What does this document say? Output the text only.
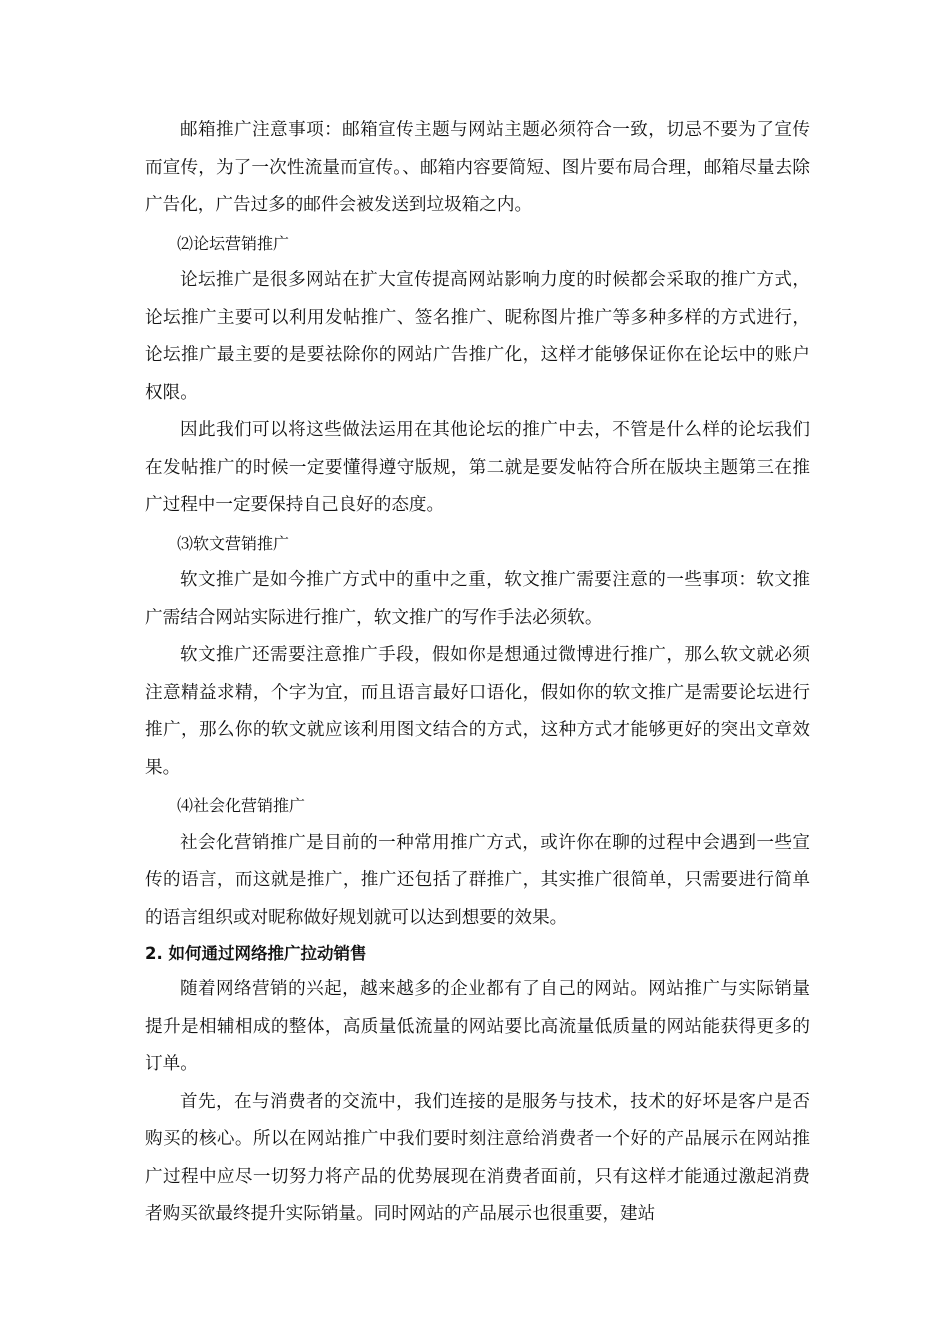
邮箱推广注意事项：邮箱宣传主题与网站主题必须符合一致，切忌不要为了宣传而宣传，为了一次性流量而宣传。、邮箱内容要简短、图片要布局合理，邮箱尽量去除广告化，广告过多的邮件会被发送到垃圾箱之内。

⑵论坛营销推广

论坛推广是很多网站在扩大宣传提高网站影响力度的时候都会采取的推广方式，论坛推广主要可以利用发帖推广、签名推广、昵称图片推广等多种多样的方式进行，论坛推广最主要的是要祛除你的网站广告推广化，这样才能够保证你在论坛中的账户权限。

因此我们可以将这些做法运用在其他论坛的推广中去，不管是什么样的论坛我们在发帖推广的时候一定要懂得遵守版规，第二就是要发帖符合所在版块主题第三在推广过程中一定要保持自己良好的态度。

⑶软文营销推广

软文推广是如今推广方式中的重中之重，软文推广需要注意的一些事项：软文推广需结合网站实际进行推广，软文推广的写作手法必须软。

软文推广还需要注意推广手段，假如你是想通过微博进行推广，那么软文就必须注意精益求精，个字为宜，而且语言最好口语化，假如你的软文推广是需要论坛进行推广，那么你的软文就应该利用图文结合的方式，这种方式才能够更好的突出文章效果。

⑷社会化营销推广

社会化营销推广是目前的一种常用推广方式，或许你在聊的过程中会遇到一些宣传的语言，而这就是推广，推广还包括了群推广，其实推广很简单，只需要进行简单的语言组织或对昵称做好规划就可以达到想要的效果。

2. 如何通过网络推广拉动销售

随着网络营销的兴起，越来越多的企业都有了自己的网站。网站推广与实际销量提升是相辅相成的整体，高质量低流量的网站要比高流量低质量的网站能获得更多的订单。

首先，在与消费者的交流中，我们连接的是服务与技术，技术的好坏是客户是否购买的核心。所以在网站推广中我们要时刻注意给消费者一个好的产品展示在网站推广过程中应尽一切努力将产品的优势展现在消费者面前，只有这样才能通过激起消费者购买欲最终提升实际销量。同时网站的产品展示也很重要，建站
